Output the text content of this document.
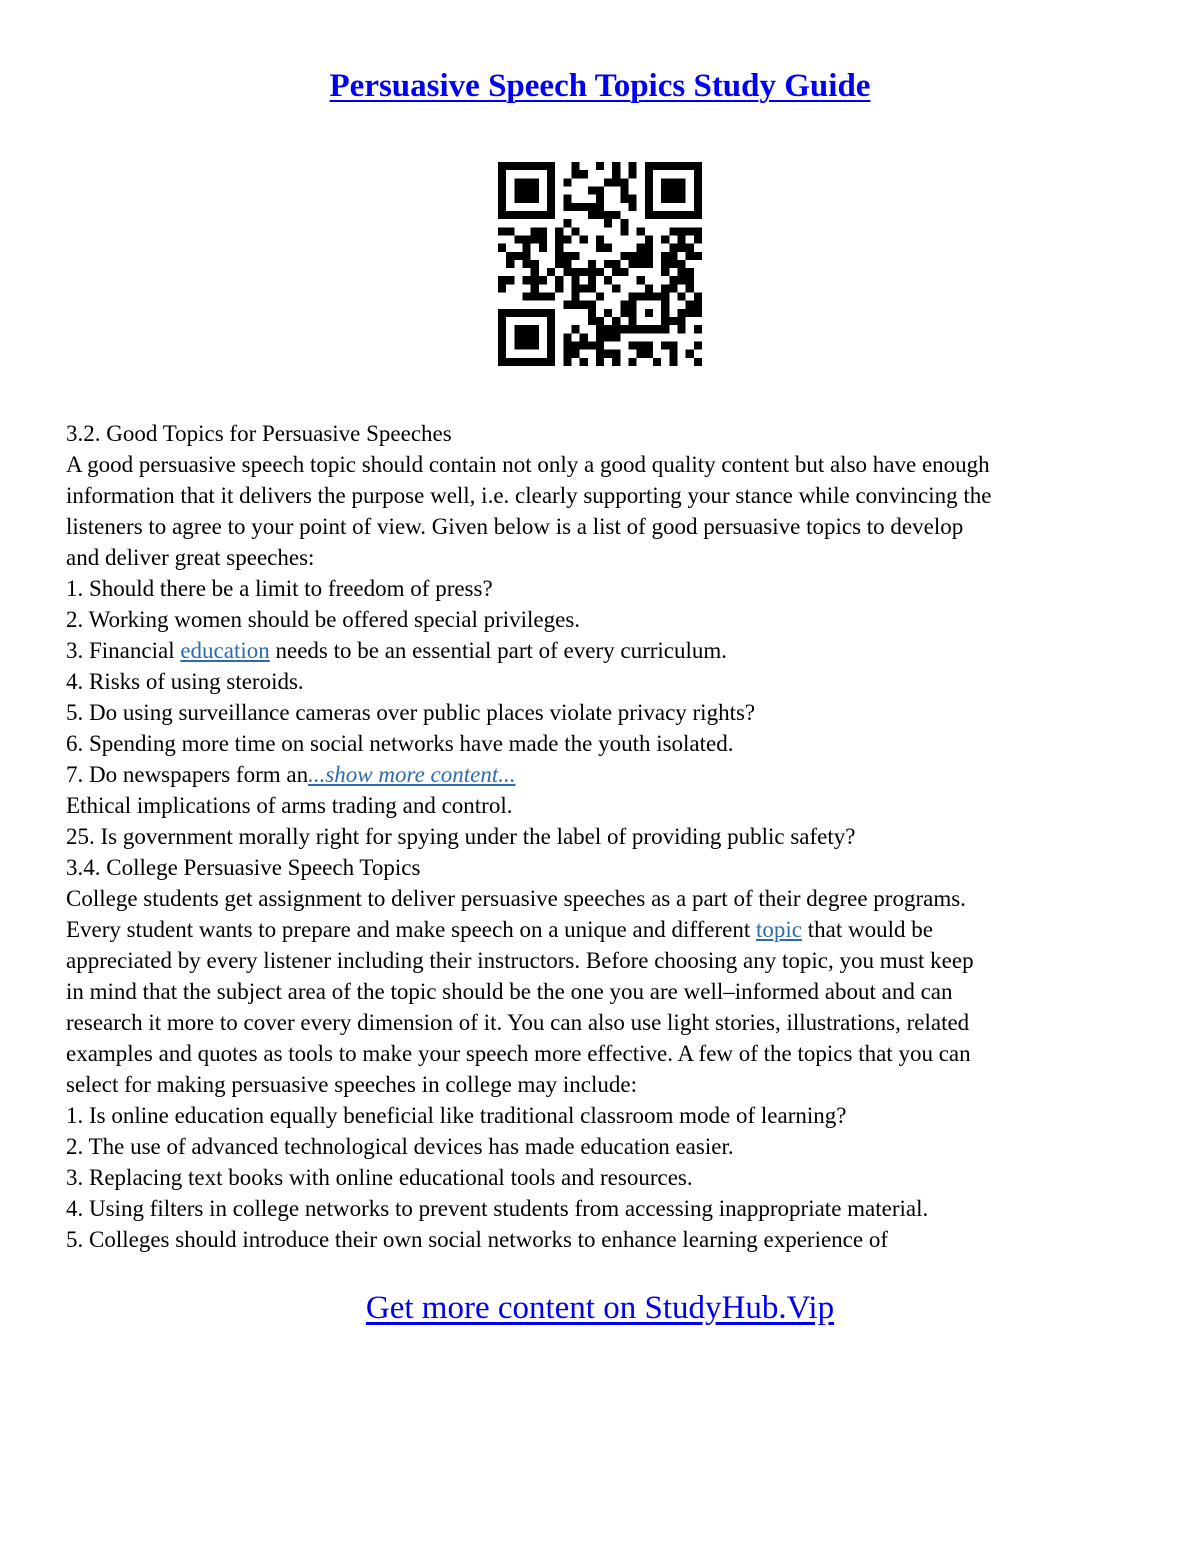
Persuasive Speech Topics Study Guide
3.2. Good Topics for Persuasive Speeches
A good persuasive speech topic should contain not only a good quality content but also have enough
information that it delivers the purpose well, i.e. clearly supporting your stance while convincing the
listeners to agree to your point of view. Given below is a list of good persuasive topics to develop
and deliver great speeches:
1. Should there be a limit to freedom of press?
2. Working women should be offered special privileges.
3. Financial education needs to be an essential part of every curriculum.
4. Risks of using steroids.
5. Do using surveillance cameras over public places violate privacy rights?
6. Spending more time on social networks have made the youth isolated.
7. Do newspapers form an...show more content...
Ethical implications of arms trading and control.
25. Is government morally right for spying under the label of providing public safety?
3.4. College Persuasive Speech Topics
College students get assignment to deliver persuasive speeches as a part of their degree programs.
Every student wants to prepare and make speech on a unique and different topic that would be
appreciated by every listener including their instructors. Before choosing any topic, you must keep
in mind that the subject area of the topic should be the one you are well–informed about and can
research it more to cover every dimension of it. You can also use light stories, illustrations, related
examples and quotes as tools to make your speech more effective. A few of the topics that you can
select for making persuasive speeches in college may include:
1. Is online education equally beneficial like traditional classroom mode of learning?
2. The use of advanced technological devices has made education easier.
3. Replacing text books with online educational tools and resources.
4. Using filters in college networks to prevent students from accessing inappropriate material.
5. Colleges should introduce their own social networks to enhance learning experience of
Get more content on StudyHub.Vip
